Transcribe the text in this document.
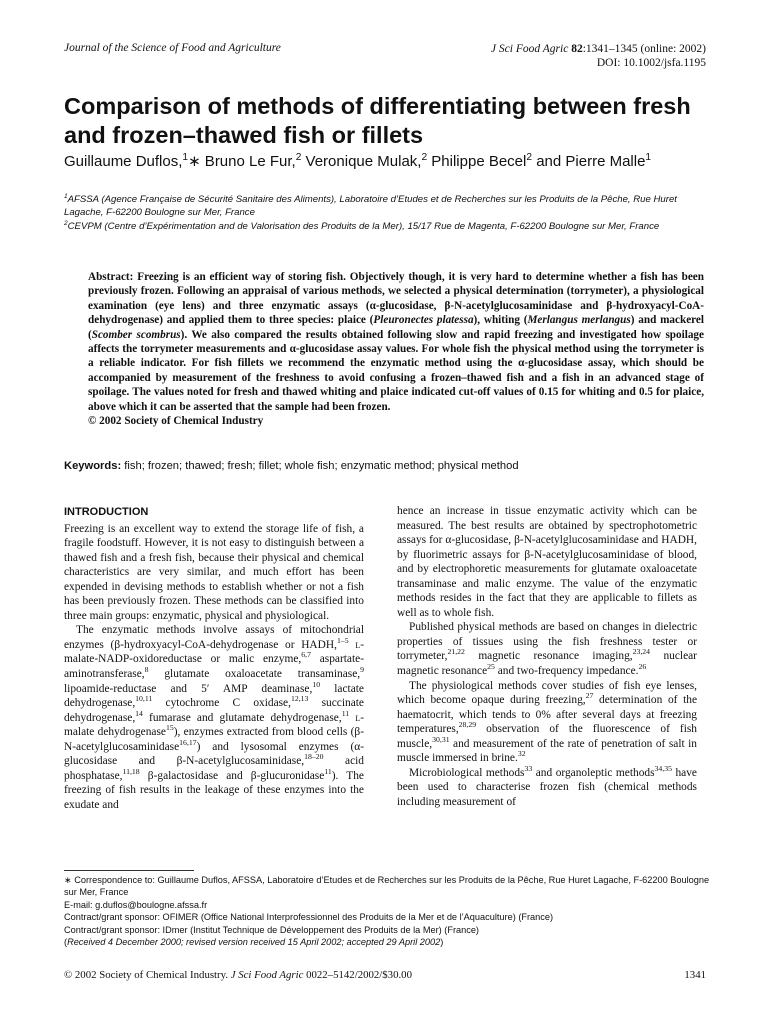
Journal of the Science of Food and Agriculture	J Sci Food Agric 82:1341–1345 (online: 2002)
DOI: 10.1002/jsfa.1195
Comparison of methods of differentiating between fresh and frozen–thawed fish or fillets
Guillaume Duflos,$^1$∗ Bruno Le Fur,$^2$ Veronique Mulak,$^2$ Philippe Becel$^2$ and Pierre Malle$^1$

$^1$AFSSA (Agence Française de Sécurité Sanitaire des Aliments), Laboratoire d’Etudes et de Recherches sur les Produits de la Pêche, Rue Huret Lagache, F-62200 Boulogne sur Mer, France

$^2$CEVPM (Centre d’Expérimentation and de Valorisation des Produits de la Mer), 15/17 Rue de Magenta, F-62200 Boulogne sur Mer, France

Abstract: Freezing is an efficient way of storing fish. Objectively though, it is very hard to determine whether a fish has been previously frozen. Following an appraisal of various methods, we selected a physical determination (torrymeter), a physiological examination (eye lens) and three enzymatic assays (α-glucosidase, β-N-acetylglucosaminidase and β-hydroxyacyl-CoA-dehydrogenase) and applied them to three species: plaice (Pleuronectes platessa), whiting (Merlangus merlangus) and mackerel (Scomber scombrus). We also compared the results obtained following slow and rapid freezing and investigated how spoilage affects the torrymeter measurements and α-glucosidase assay values. For whole fish the physical method using the torrymeter is a reliable indicator. For fish fillets we recommend the enzymatic method using the α-glucosidase assay, which should be accompanied by measurement of the freshness to avoid confusing a frozen–thawed fish and a fish in an advanced stage of spoilage. The values noted for fresh and thawed whiting and plaice indicated cut-off values of 0.15 for whiting and 0.5 for plaice, above which it can be asserted that the sample had been frozen.
© 2002 Society of Chemical Industry
Keywords: fish; frozen; thawed; fresh; fillet; whole fish; enzymatic method; physical method

INTRODUCTION

Freezing is an excellent way to extend the storage life of fish, a fragile foodstuff. However, it is not easy to distinguish between a thawed fish and a fresh fish, because their physical and chemical characteristics are very similar, and much effort has been expended in devising methods to establish whether or not a fish has been previously frozen. These methods can be classified into three main groups: enzymatic, physical and physiological.

The enzymatic methods involve assays of mitochondrial enzymes (β-hydroxyacyl-CoA-dehydrogenase or HADH,$^{1-5}$ l-malate-NADP-oxidoreductase or malic enzyme,$^{6,7}$ aspartate-aminotransferase,$^8$ glutamate oxaloacetate transaminase,$^9$ lipoamide-reductase and 5′ AMP deaminase,$^{10}$ lactate dehydrogenase,$^{10,11}$ cytochrome C oxidase,$^{12,13}$ succinate dehydrogenase,$^{14}$ fumarase and glutamate dehydrogenase,$^{11}$ l-malate dehydrogenase$^{15}$), enzymes extracted from blood cells (β-N-acetylglucosaminidase$^{16,17}$) and lysosomal enzymes (α-glucosidase and β-N-acetylglucosaminidase,$^{18-20}$ acid phosphatase,$^{11,18}$ β-galactosidase and β-glucuronidase$^{11}$). The freezing of fish results in the leakage of these enzymes into the exudate and

hence an increase in tissue enzymatic activity which can be measured. The best results are obtained by spectrophotometric assays for α-glucosidase, β-N-acetylglucosaminidase and HADH, by fluorimetric assays for β-N-acetylglucosaminidase of blood, and by electrophoretic measurements for glutamate oxaloacetate transaminase and malic enzyme. The value of the enzymatic methods resides in the fact that they are applicable to fillets as well as to whole fish.

Published physical methods are based on changes in dielectric properties of tissues using the fish freshness tester or torrymeter,$^{21,22}$ magnetic resonance imaging,$^{23,24}$ nuclear magnetic resonance$^{25}$ and two-frequency impedance.$^{26}$

The physiological methods cover studies of fish eye lenses, which become opaque during freezing,$^{27}$ determination of the haematocrit, which tends to 0% after several days at freezing temperatures,$^{28,29}$ observation of the fluorescence of fish muscle,$^{30,31}$ and measurement of the rate of penetration of salt in muscle immersed in brine.$^{32}$

Microbiological methods$^{33}$ and organoleptic methods$^{34,35}$ have been used to characterise frozen fish (chemical methods including measurement of

∗ Correspondence to: Guillaume Duflos, AFSSA, Laboratoire d’Etudes et de Recherches sur les Produits de la Pêche, Rue Huret Lagache, F-62200 Boulogne sur Mer, France

E-mail: g.duflos@boulogne.afssa.fr

Contract/grant sponsor: OFIMER (Office National Interprofessionnel des Produits de la Mer et de l’Aquaculture) (France)

Contract/grant sponsor: IDmer (Institut Technique de Développement des Produits de la Mer) (France)

(Received 4 December 2000; revised version received 15 April 2002; accepted 29 April 2002)

© 2002 Society of Chemical Industry. J Sci Food Agric 0022–5142/2002/$30.00	1341
